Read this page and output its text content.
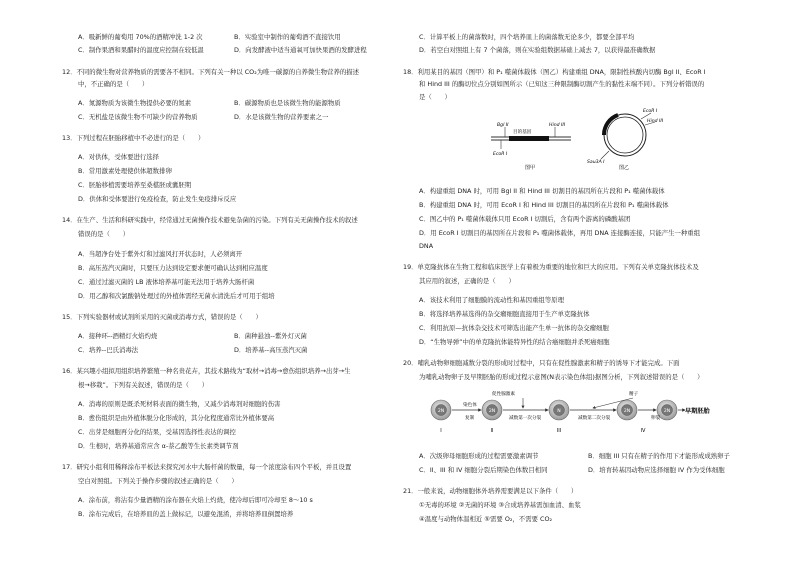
A．吸新鲜的葡萄用 70%的酒精冲洗 1-2 次	B．实验室中制作的葡萄酒不直接饮用
C．制作果酒和果醋时的温度应控制在较低温	D．向发酵液中适当通氧可加快果酒的发酵进程
12．不同的微生物对营养物质的需要各不相同。下列有关一种以 CO₂为唯一碳源的自养微生物营养的描述
中，不正确的是（　　）
A．氮源物质为该微生物提供必要的氮素	B．碳源物质也是该微生物的能源物质
C．无机盐是该微生物不可缺少的营养物质	D．水是该微生物的营养要素之一
13．下列过程在胚胎移植中不必进行的是（　　）
A．对供体，受体要进行选择
B．常用激素处理使供体超数排卵
C．胚胎移植需要培养至桑椹胚或囊胚期
D．供体和受体要进行免疫检查，防止发生免疫排斥反应
14．在生产、生活和科研实践中，经常通过无菌操作技术避免杂菌的污染。下列有关无菌操作技术的叙述
错误的是（　　）
A．当超净台处于紫外灯和过滤风打开状态时，人必须离开
B．高压蒸汽灭菌时，只要压力达到设定要求便可确认达到相应温度
C．通过过滤灭菌的 LB 液体培养基可能无法用于培养大肠杆菌
D．用乙醇和次氯酸钠处理过的外植体需经无菌水清洗后才可用于组培
15．下列实验器材或试剂所采用的灭菌或消毒方式，错误的是（　　）
A．接种环--酒精灯火焰灼烧	B．菌种悬浊--紫外灯灭菌
C．培养--巴氏消毒法	D．培养基--高压蒸汽灭菌
16．某兴趣小组拟用组织培养繁殖一种名贵花卉，其技术路线为“取材→消毒→愈伤组织培养→出芽→生
根→移栽”。下列有关叙述，错误的是（　　）
A．消毒的原则是既杀死材料表面的微生物，又减少消毒剂对细胞的伤害
B．愈伤组织是由外植体脱分化形成的，其分化程度通常比外植体要高
C．出芽是细胞再分化的结果，受基因选择性表达的调控
D．生根时，培养基通常应含 α-萘乙酸等生长素类调节剂
17．研究小组利用稀释涂布平板法来探究河水中大肠杆菌的数量，每一个浓度涂布四个平板，并且设置
空白对照组。下列关于操作步骤的叙述正确的是（　　）
A．涂布前，将沾有少量酒精的涂布器在火焰上灼烧，使冷却后即可冷却至 8～10 s
B．涂布完成后，在培养皿的盖上做标记，以避免混淆，并将培养皿倒置培养
C．计算平板上的菌落数时，四个培养皿上的菌落数无论多少，都要全部平均
D．若空白对照组上有 7 个菌落，则在实验组数据基础上减去 7，以获得最准确数据
18．利用某目的基因（图甲）和 P₁ 噬菌体载体（图乙）构建重组 DNA，限制性核酸内切酶 Bgl II、EcoR I
和 Hind III 的酶切位点分别如图所示（已知这三种限制酶切割产生的黏性末端不同）。下列分析错误的
是（　　）
Bgl II
目的基因
Hind III
EcoR I
图甲
EcoR I
Hind III
Sau3A I
图乙
A．构建重组 DNA 时，可用 Bgl II 和 Hind III 切割目的基因所在片段和 P₁ 噬菌体载体
B．构建重组 DNA 时，可用 EcoR I 和 Hind III 切割目的基因所在片段和 P₁ 噬菌体载体
C．图乙中的 P₁ 噬菌体载体只用 EcoR I 切割后，含有两个游离的磷酸基团
D．用 EcoR I 切割目的基因所在片段和 P₁ 噬菌体载体，再用 DNA 连接酶连接，只能产生一种重组
DNA
19．单克隆抗体在生物工程和临床医学上有着极为重要的地位和巨大的应用。下列有关单克隆抗体技术及
其应用的叙述，正确的是（　　）
A．该技术利用了细胞膜的流动性和基因重组等原理
B．将选择培养基选得的杂交瘤细胞直接用于生产单克隆抗体
C．利用抗原—抗体杂交技术可筛选出能产生单一抗体的杂交瘤细胞
D．“生物导弹”中的单克隆抗体能特异性的结合癌细胞并杀死癌细胞
20．哺乳动物卵细胞减数分裂的形成时过程中，只有在促性腺激素和精子的诱导下才能完成。下面
为哺乳动物卵子及早期胚胎的形成过程示意图(N表示染色体组)据图分析，下列叙述错误的是（　　）
2N	2N	N	2N	2N
I	II	III	IV
促性腺激素	精子
染色体
复制	减数第一次分裂	减数第二次分裂	卵裂
早期胚胎
A．次级卵母细胞形成的过程需要激素调节	B．细胞 III 只有在精子的作用下才能形成成熟卵子
C．II、III 和 IV 细胞分裂后期染色体数目相同	D．培育转基因动物应选择细胞 IV 作为受体细胞
21．一般来说，动物细胞体外培养需要满足以下条件（　　）
①无毒的环境 ②无菌的环境 ③合成培养基需加血清、血浆
④温度与动物体温相近 ⑤需要 O₂，不需要 CO₂
